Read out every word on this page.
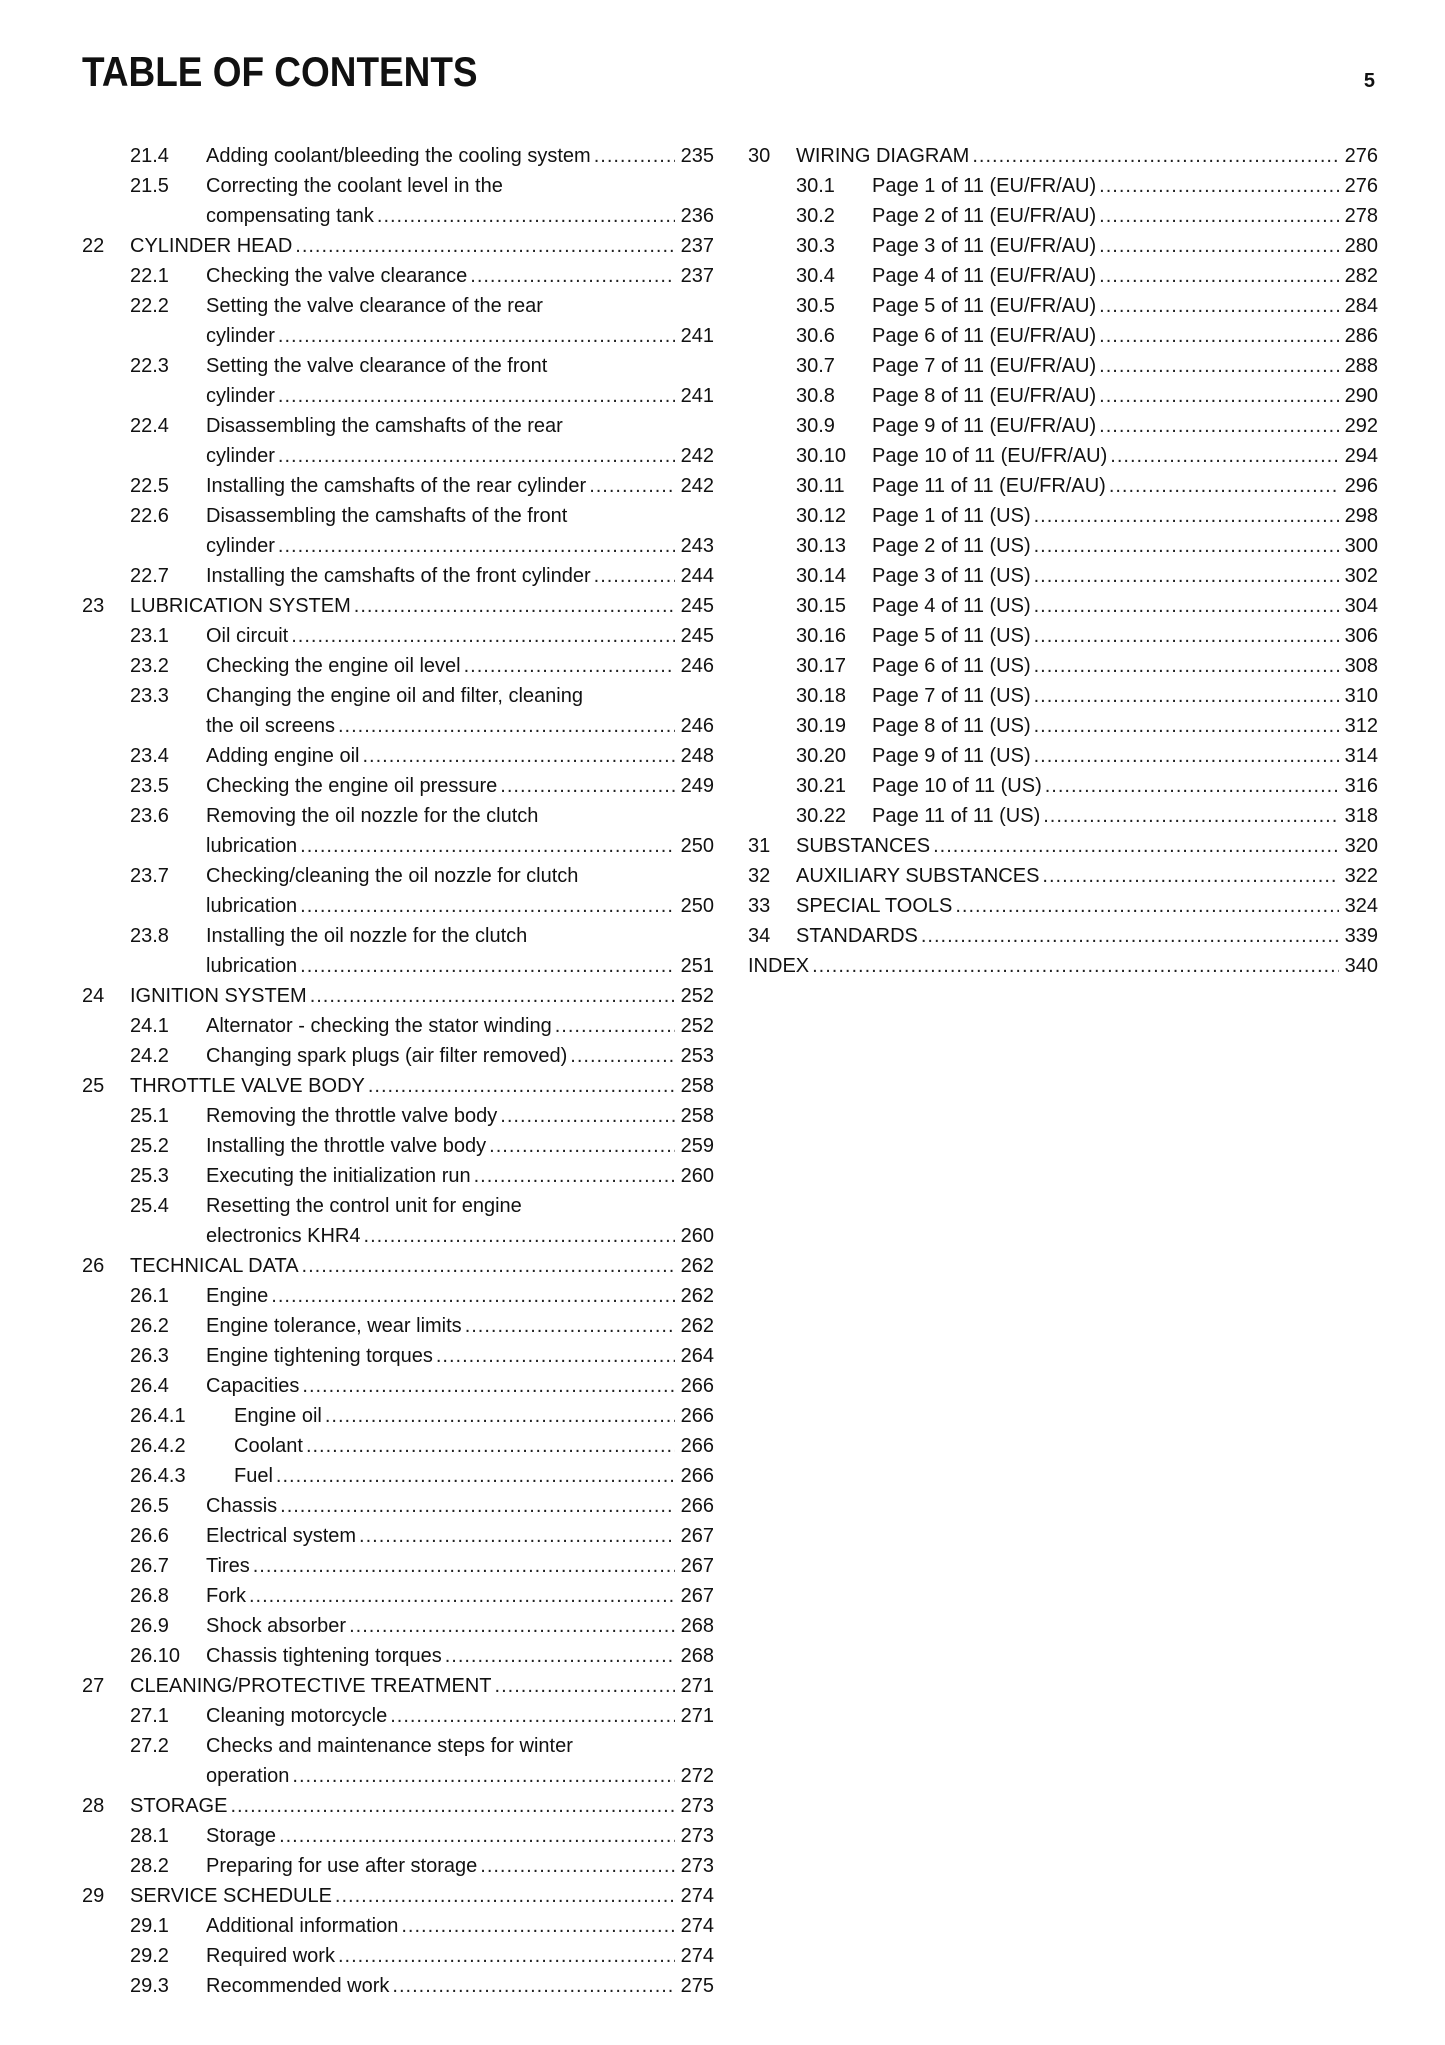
TABLE OF CONTENTS	5
21.4	Adding coolant/bleeding the cooling system .....	235
21.5	Correcting the coolant level in the
compensating tank .....	236
22	CYLINDER HEAD .....	237
22.1	Checking the valve clearance .....	237
22.2	Setting the valve clearance of the rear
cylinder .....	241
22.3	Setting the valve clearance of the front
cylinder .....	241
22.4	Disassembling the camshafts of the rear
cylinder .....	242
22.5	Installing the camshafts of the rear cylinder .....	242
22.6	Disassembling the camshafts of the front
cylinder .....	243
22.7	Installing the camshafts of the front cylinder .....	244
23	LUBRICATION SYSTEM .....	245
23.1	Oil circuit .....	245
23.2	Checking the engine oil level .....	246
23.3	Changing the engine oil and filter, cleaning
the oil screens .....	246
23.4	Adding engine oil .....	248
23.5	Checking the engine oil pressure .....	249
23.6	Removing the oil nozzle for the clutch
lubrication .....	250
23.7	Checking/cleaning the oil nozzle for clutch
lubrication .....	250
23.8	Installing the oil nozzle for the clutch
lubrication .....	251
24	IGNITION SYSTEM .....	252
24.1	Alternator - checking the stator winding .....	252
24.2	Changing spark plugs (air filter removed) .....	253
25	THROTTLE VALVE BODY .....	258
25.1	Removing the throttle valve body .....	258
25.2	Installing the throttle valve body .....	259
25.3	Executing the initialization run .....	260
25.4	Resetting the control unit for engine
electronics KHR4 .....	260
26	TECHNICAL DATA .....	262
26.1	Engine .....	262
26.2	Engine tolerance, wear limits .....	262
26.3	Engine tightening torques .....	264
26.4	Capacities .....	266
26.4.1	Engine oil .....	266
26.4.2	Coolant .....	266
26.4.3	Fuel .....	266
26.5	Chassis .....	266
26.6	Electrical system .....	267
26.7	Tires .....	267
26.8	Fork .....	267
26.9	Shock absorber .....	268
26.10	Chassis tightening torques .....	268
27	CLEANING/PROTECTIVE TREATMENT .....	271
27.1	Cleaning motorcycle .....	271
27.2	Checks and maintenance steps for winter
operation .....	272
28	STORAGE .....	273
28.1	Storage .....	273
28.2	Preparing for use after storage .....	273
29	SERVICE SCHEDULE .....	274
29.1	Additional information .....	274
29.2	Required work .....	274
29.3	Recommended work .....	275
30	WIRING DIAGRAM .....	276
30.1	Page 1 of 11 (EU/FR/AU) .....	276
30.2	Page 2 of 11 (EU/FR/AU) .....	278
30.3	Page 3 of 11 (EU/FR/AU) .....	280
30.4	Page 4 of 11 (EU/FR/AU) .....	282
30.5	Page 5 of 11 (EU/FR/AU) .....	284
30.6	Page 6 of 11 (EU/FR/AU) .....	286
30.7	Page 7 of 11 (EU/FR/AU) .....	288
30.8	Page 8 of 11 (EU/FR/AU) .....	290
30.9	Page 9 of 11 (EU/FR/AU) .....	292
30.10	Page 10 of 11 (EU/FR/AU) .....	294
30.11	Page 11 of 11 (EU/FR/AU) .....	296
30.12	Page 1 of 11 (US) .....	298
30.13	Page 2 of 11 (US) .....	300
30.14	Page 3 of 11 (US) .....	302
30.15	Page 4 of 11 (US) .....	304
30.16	Page 5 of 11 (US) .....	306
30.17	Page 6 of 11 (US) .....	308
30.18	Page 7 of 11 (US) .....	310
30.19	Page 8 of 11 (US) .....	312
30.20	Page 9 of 11 (US) .....	314
30.21	Page 10 of 11 (US) .....	316
30.22	Page 11 of 11 (US) .....	318
31	SUBSTANCES .....	320
32	AUXILIARY SUBSTANCES .....	322
33	SPECIAL TOOLS .....	324
34	STANDARDS .....	339
INDEX .....	340
